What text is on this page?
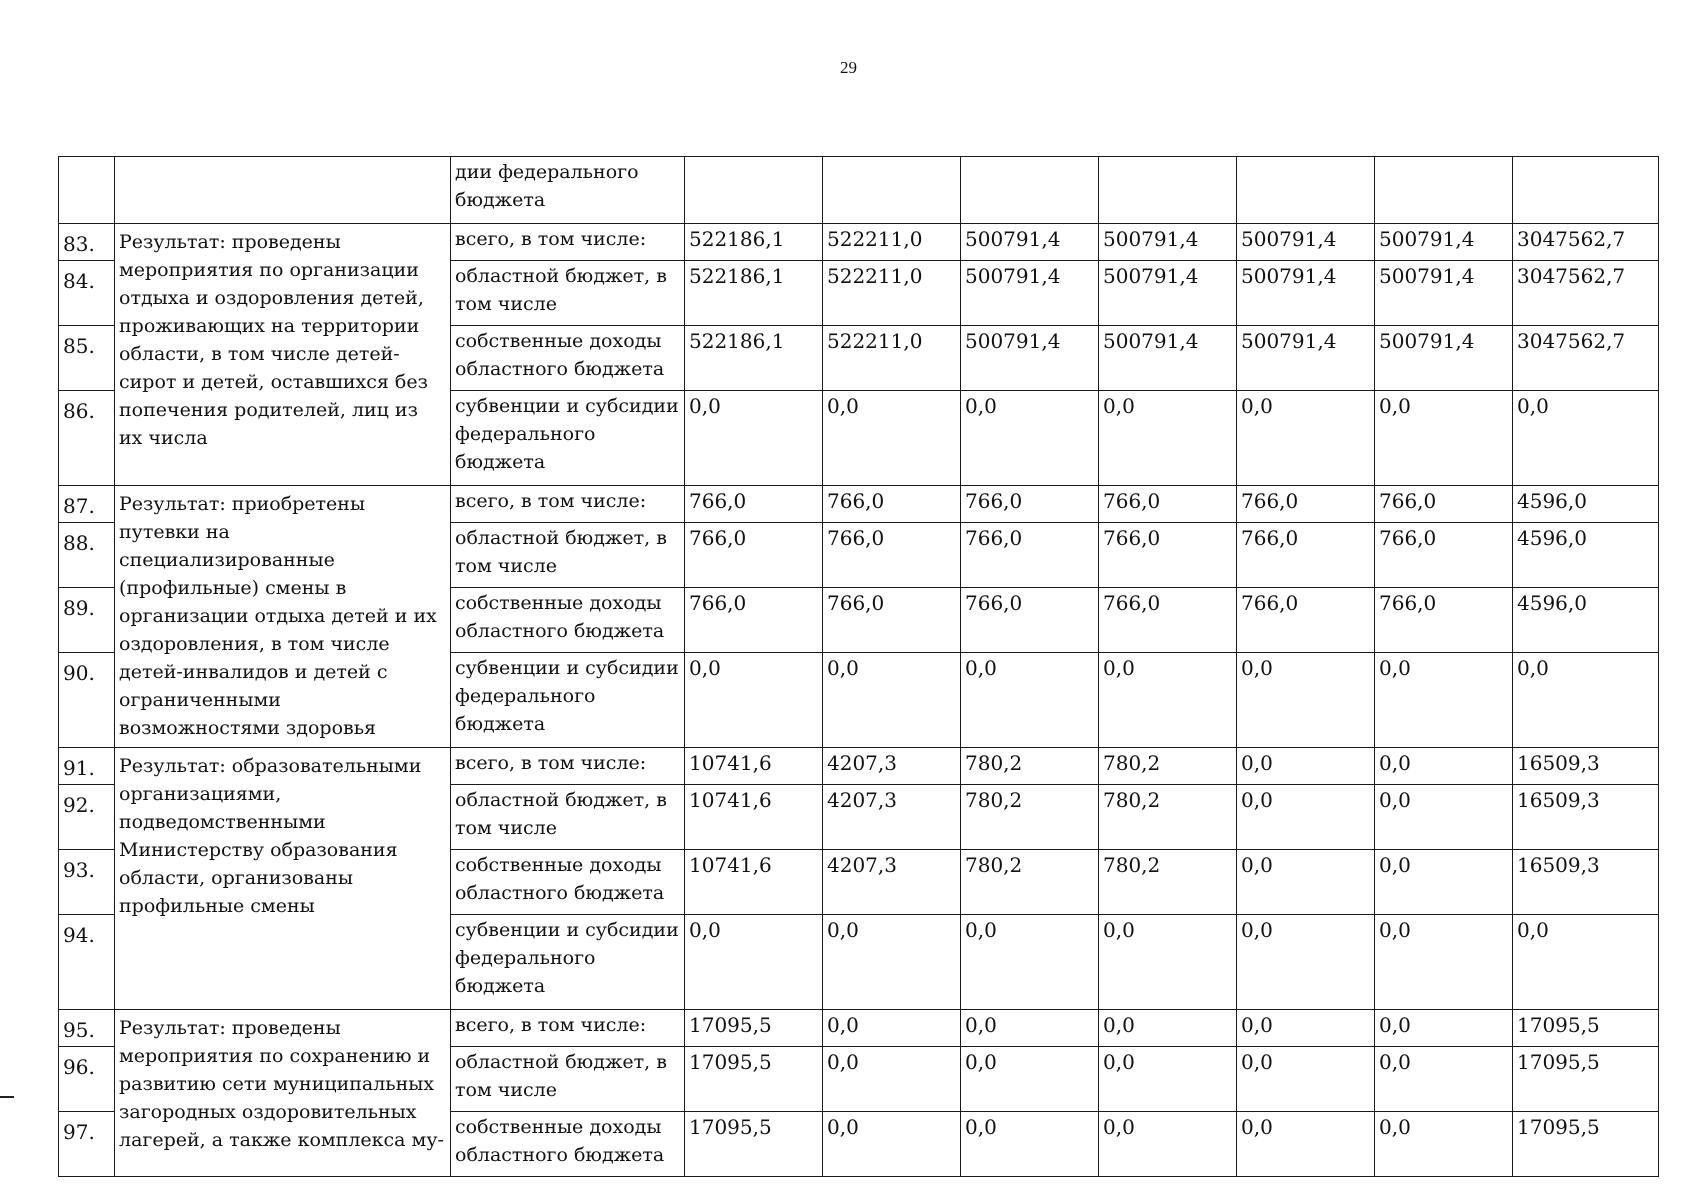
29
		дии федерального бюджета							
83.	Результат: проведены мероприятия по организации отдыха и оздоровления детей, проживающих на территории области, в том числе детей-сирот и детей, оставшихся без попечения родителей, лиц из их числа	всего, в том числе:	522186,1	522211,0	500791,4	500791,4	500791,4	500791,4	3047562,7
84.		областной бюджет, в том числе	522186,1	522211,0	500791,4	500791,4	500791,4	500791,4	3047562,7
85.		собственные доходы областного бюджета	522186,1	522211,0	500791,4	500791,4	500791,4	500791,4	3047562,7
86.		субвенции и субсидии федерального бюджета	0,0	0,0	0,0	0,0	0,0	0,0	0,0
87.	Результат: приобретены путевки на специализированные (профильные) смены в организации отдыха детей и их оздоровления, в том числе детей-инвалидов и детей с ограниченными возможностями здоровья	всего, в том числе:	766,0	766,0	766,0	766,0	766,0	766,0	4596,0
88.		областной бюджет, в том числе	766,0	766,0	766,0	766,0	766,0	766,0	4596,0
89.		собственные доходы областного бюджета	766,0	766,0	766,0	766,0	766,0	766,0	4596,0
90.		субвенции и субсидии федерального бюджета	0,0	0,0	0,0	0,0	0,0	0,0	0,0
91.	Результат: образовательными организациями, подведомственными Министерству образования области, организованы профильные смены	всего, в том числе:	10741,6	4207,3	780,2	780,2	0,0	0,0	16509,3
92.		областной бюджет, в том числе	10741,6	4207,3	780,2	780,2	0,0	0,0	16509,3
93.		собственные доходы областного бюджета	10741,6	4207,3	780,2	780,2	0,0	0,0	16509,3
94.		субвенции и субсидии федерального бюджета	0,0	0,0	0,0	0,0	0,0	0,0	0,0
95.	Результат: проведены мероприятия по сохранению и развитию сети муниципальных загородных оздоровительных лагерей, а также комплекса му-	всего, в том числе:	17095,5	0,0	0,0	0,0	0,0	0,0	17095,5
96.		областной бюджет, в том числе	17095,5	0,0	0,0	0,0	0,0	0,0	17095,5
97.		собственные доходы областного бюджета	17095,5	0,0	0,0	0,0	0,0	0,0	17095,5
